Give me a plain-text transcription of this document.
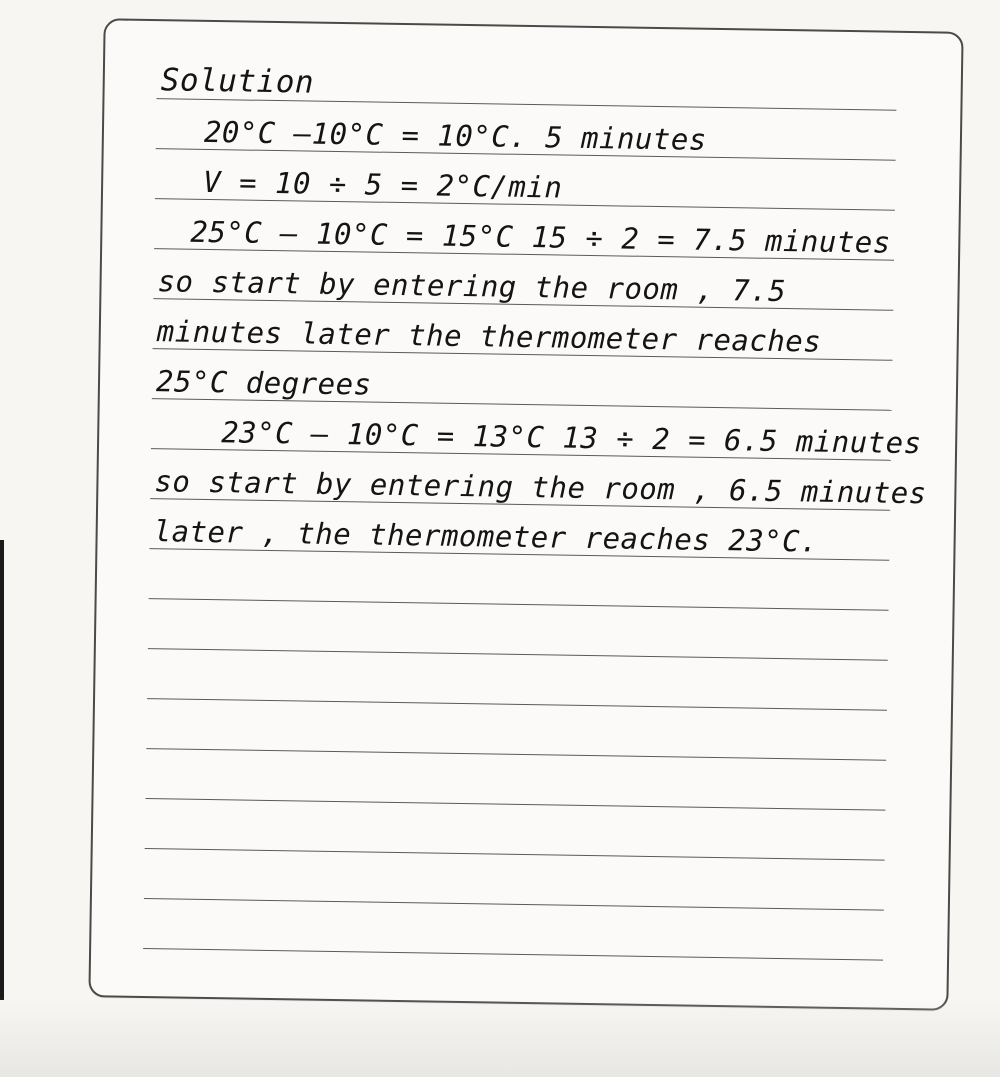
Solution
20°C –10°C = 10°C. 5 minutes
V = 10 ÷ 5 = 2°C/min
25°C – 10°C = 15°C 15 ÷ 2 = 7.5 minutes
so start by entering the room , 7.5
minutes later the thermometer reaches
25°C degrees
23°C – 10°C = 13°C 13 ÷ 2 = 6.5 minutes
so start by entering the room , 6.5 minutes
later , the thermometer reaches 23°C.
